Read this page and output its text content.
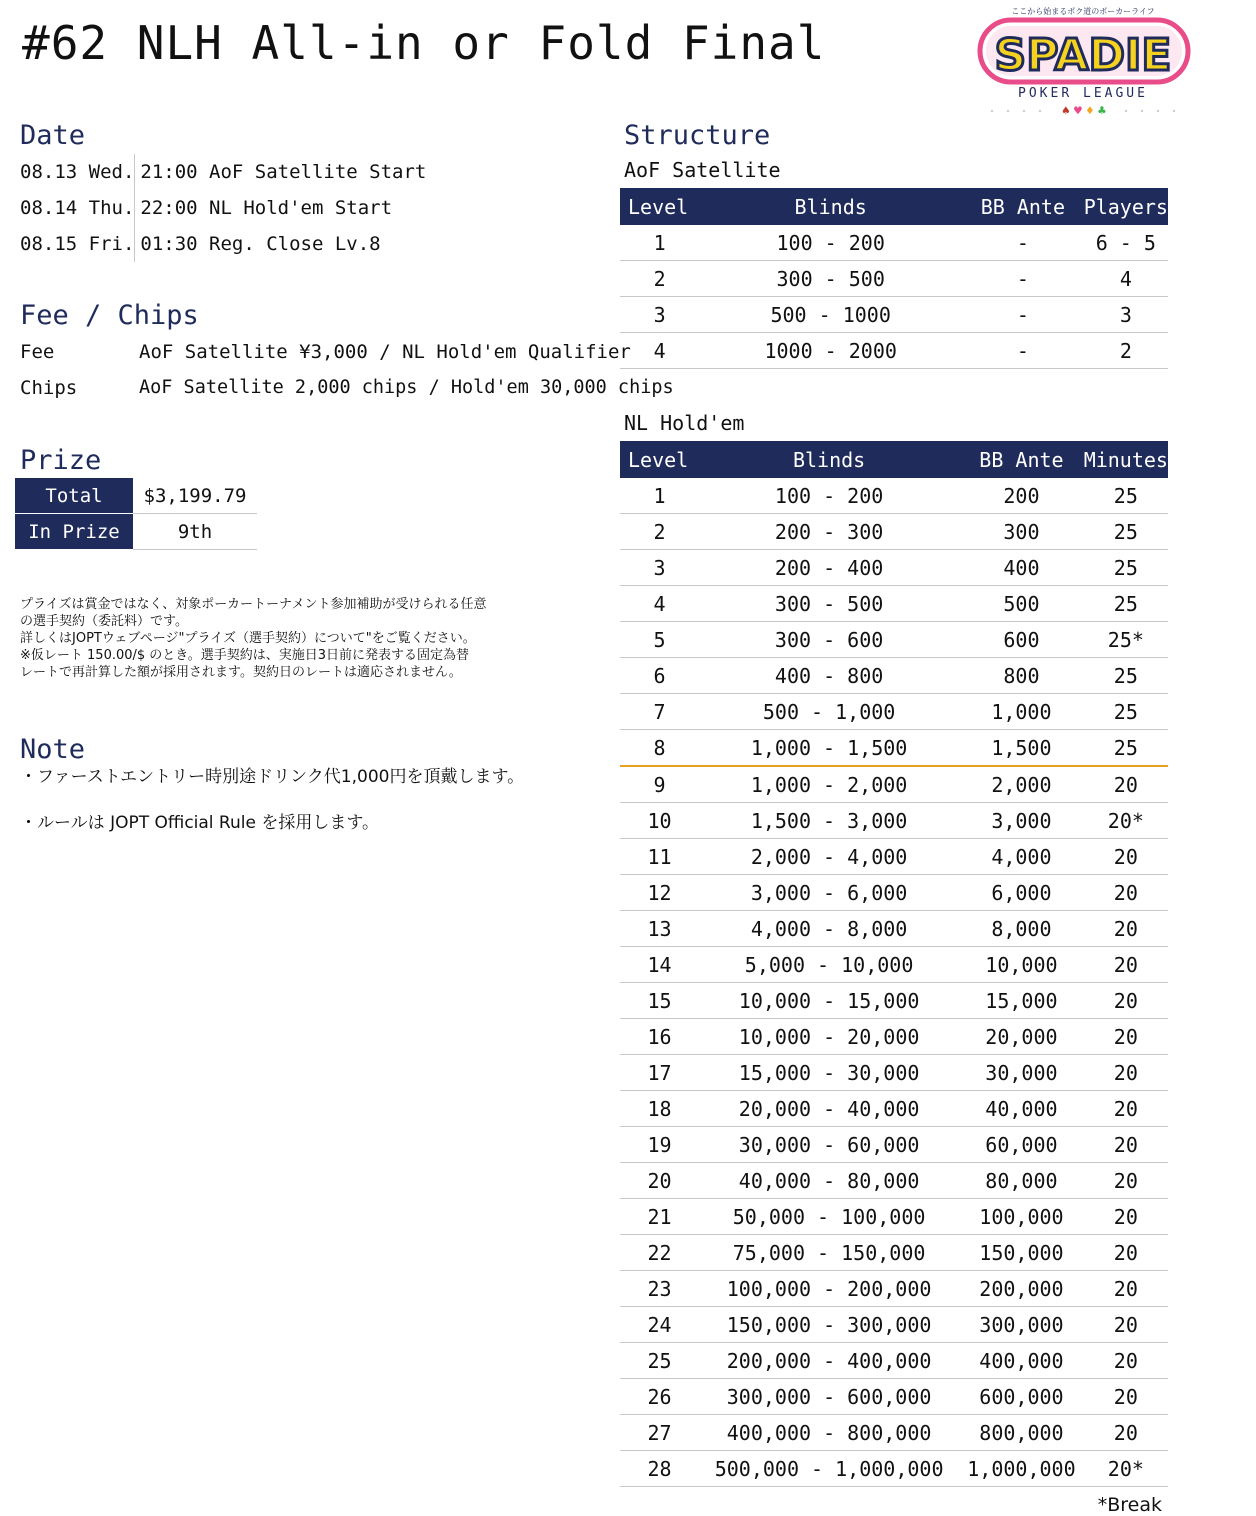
#62 NLH All-in or Fold Final
ここから始まるポク道のポーカーライフ
SPADIE
POKER LEAGUE
♠ ♥ ♦ ♣
Date
08.13 Wed.	21:00 AoF Satellite Start
08.14 Thu.	22:00 NL Hold'em Start
08.15 Fri.	01:30 Reg. Close Lv.8
Fee / Chips
Fee	AoF Satellite ¥3,000 / NL Hold'em Qualifier
Chips	AoF Satellite 2,000 chips / Hold'em 30,000 chips
Prize
Total	$3,199.79
In Prize	9th
プライズは賞金ではなく、対象ポーカートーナメント参加補助が受けられる任意
の選手契約（委託料）です。
詳しくはJOPTウェブページ"プライズ（選手契約）について"をご覧ください。
※仮レート 150.00/$ のとき。選手契約は、実施日3日前に発表する固定為替
レートで再計算した額が採用されます。契約日のレートは適応されません。
Note
・ファーストエントリー時別途ドリンク代1,000円を頂戴します。
・ルールは JOPT Official Rule を採用します。
Structure
AoF Satellite
Level	Blinds	BB Ante	Players
1	100 - 200	-	6 - 5
2	300 - 500	-	4
3	500 - 1000	-	3
4	1000 - 2000	-	2
NL Hold'em
Level	Blinds	BB Ante	Minutes
1	100 - 200	200	25
2	200 - 300	300	25
3	200 - 400	400	25
4	300 - 500	500	25
5	300 - 600	600	25*
6	400 - 800	800	25
7	500 - 1,000	1,000	25
8	1,000 - 1,500	1,500	25
9	1,000 - 2,000	2,000	20
10	1,500 - 3,000	3,000	20*
11	2,000 - 4,000	4,000	20
12	3,000 - 6,000	6,000	20
13	4,000 - 8,000	8,000	20
14	5,000 - 10,000	10,000	20
15	10,000 - 15,000	15,000	20
16	10,000 - 20,000	20,000	20
17	15,000 - 30,000	30,000	20
18	20,000 - 40,000	40,000	20
19	30,000 - 60,000	60,000	20
20	40,000 - 80,000	80,000	20
21	50,000 - 100,000	100,000	20
22	75,000 - 150,000	150,000	20
23	100,000 - 200,000	200,000	20
24	150,000 - 300,000	300,000	20
25	200,000 - 400,000	400,000	20
26	300,000 - 600,000	600,000	20
27	400,000 - 800,000	800,000	20
28	500,000 - 1,000,000	1,000,000	20*
*Break
